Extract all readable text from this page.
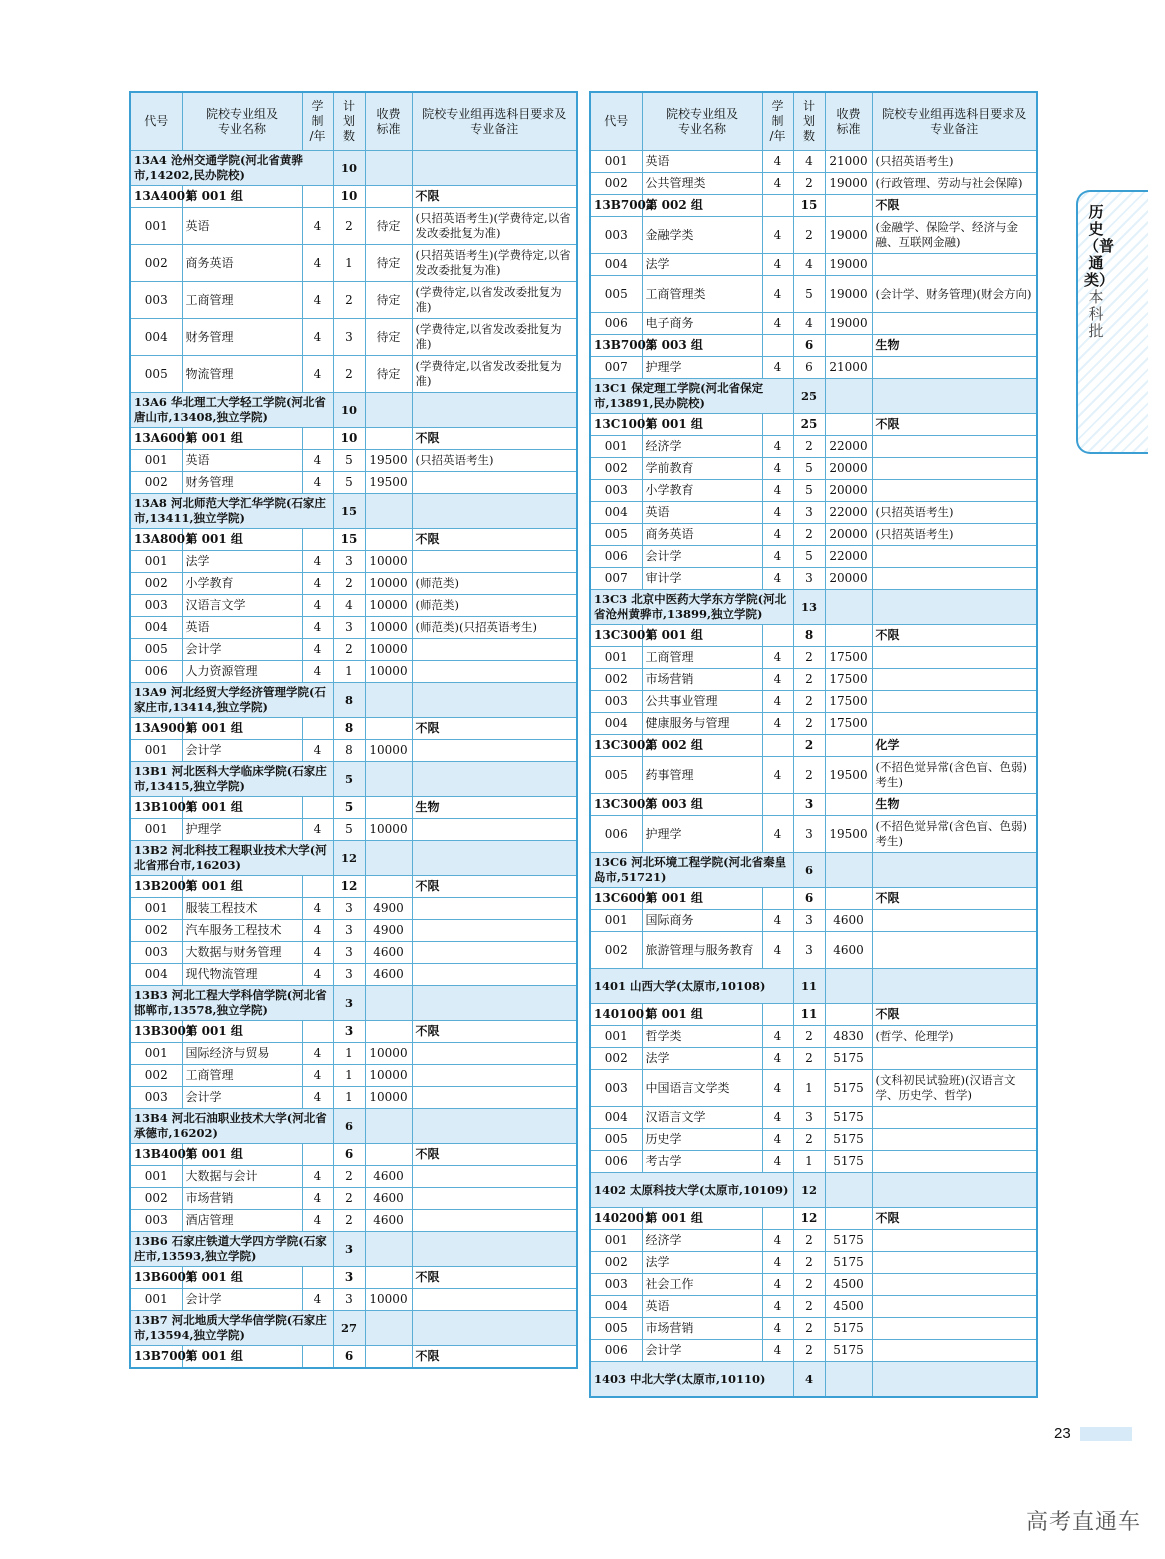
代号	院校专业组及
专业名称	学
制
/年	计
划
数	收费
标准	院校专业组再选科目要求及
专业备注
13A4 沧州交通学院(河北省黄骅市,14202,民办院校)			10		
13A4001	第 001 组		10		不限
001	英语	4	2	待定	(只招英语考生)(学费待定,以省发改委批复为准)
002	商务英语	4	1	待定	(只招英语考生)(学费待定,以省发改委批复为准)
003	工商管理	4	2	待定	(学费待定,以省发改委批复为准)
004	财务管理	4	3	待定	(学费待定,以省发改委批复为准)
005	物流管理	4	2	待定	(学费待定,以省发改委批复为准)
13A6 华北理工大学轻工学院(河北省唐山市,13408,独立学院)			10		
13A6001	第 001 组		10		不限
001	英语	4	5	19500	(只招英语考生)
002	财务管理	4	5	19500	
13A8 河北师范大学汇华学院(石家庄市,13411,独立学院)			15		
13A8001	第 001 组		15		不限
001	法学	4	3	10000	
002	小学教育	4	2	10000	(师范类)
003	汉语言文学	4	4	10000	(师范类)
004	英语	4	3	10000	(师范类)(只招英语考生)
005	会计学	4	2	10000	
006	人力资源管理	4	1	10000	
13A9 河北经贸大学经济管理学院(石家庄市,13414,独立学院)			8		
13A9001	第 001 组		8		不限
001	会计学	4	8	10000	
13B1 河北医科大学临床学院(石家庄市,13415,独立学院)			5		
13B1001	第 001 组		5		生物
001	护理学	4	5	10000	
13B2 河北科技工程职业技术大学(河北省邢台市,16203)			12		
13B2001	第 001 组		12		不限
001	服装工程技术	4	3	4900	
002	汽车服务工程技术	4	3	4900	
003	大数据与财务管理	4	3	4600	
004	现代物流管理	4	3	4600	
13B3 河北工程大学科信学院(河北省邯郸市,13578,独立学院)			3		
13B3001	第 001 组		3		不限
001	国际经济与贸易	4	1	10000	
002	工商管理	4	1	10000	
003	会计学	4	1	10000	
13B4 河北石油职业技术大学(河北省承德市,16202)			6		
13B4001	第 001 组		6		不限
001	大数据与会计	4	2	4600	
002	市场营销	4	2	4600	
003	酒店管理	4	2	4600	
13B6 石家庄铁道大学四方学院(石家庄市,13593,独立学院)			3		
13B6001	第 001 组		3		不限
001	会计学	4	3	10000	
13B7 河北地质大学华信学院(石家庄市,13594,独立学院)			27		
13B7001	第 001 组		6		不限
代号	院校专业组及
专业名称	学
制
/年	计
划
数	收费
标准	院校专业组再选科目要求及
专业备注
001	英语	4	4	21000	(只招英语考生)
002	公共管理类	4	2	19000	(行政管理、劳动与社会保障)
13B7002	第 002 组		15		不限
003	金融学类	4	2	19000	(金融学、保险学、经济与金融、互联网金融)
004	法学	4	4	19000	
005	工商管理类	4	5	19000	(会计学、财务管理)(财会方向)
006	电子商务	4	4	19000	
13B7003	第 003 组		6		生物
007	护理学	4	6	21000	
13C1 保定理工学院(河北省保定市,13891,民办院校)			25		
13C1001	第 001 组		25		不限
001	经济学	4	2	22000	
002	学前教育	4	5	20000	
003	小学教育	4	5	20000	
004	英语	4	3	22000	(只招英语考生)
005	商务英语	4	2	20000	(只招英语考生)
006	会计学	4	5	22000	
007	审计学	4	3	20000	
13C3 北京中医药大学东方学院(河北省沧州黄骅市,13899,独立学院)			13		
13C3001	第 001 组		8		不限
001	工商管理	4	2	17500	
002	市场营销	4	2	17500	
003	公共事业管理	4	2	17500	
004	健康服务与管理	4	2	17500	
13C3002	第 002 组		2		化学
005	药事管理	4	2	19500	(不招色觉异常(含色盲、色弱)考生)
13C3003	第 003 组		3		生物
006	护理学	4	3	19500	(不招色觉异常(含色盲、色弱)考生)
13C6 河北环境工程学院(河北省秦皇岛市,51721)			6		
13C6001	第 001 组		6		不限
001	国际商务	4	3	4600	
002	旅游管理与服务教育	4	3	4600	
1401 山西大学(太原市,10108)			11		
1401001	第 001 组		11		不限
001	哲学类	4	2	4830	(哲学、伦理学)
002	法学	4	2	5175	
003	中国语言文学类	4	1	5175	(文科初民试验班)(汉语言文学、历史学、哲学)
004	汉语言文学	4	3	5175	
005	历史学	4	2	5175	
006	考古学	4	1	5175	
1402 太原科技大学(太原市,10109)			12		
1402001	第 001 组		12		不限
001	经济学	4	2	5175	
002	法学	4	2	5175	
003	社会工作	4	2	4500	
004	英语	4	2	4500	
005	市场营销	4	2	5175	
006	会计学	4	2	5175	
1403 中北大学(太原市,10110)			4		
历史（普通类）
本科批
23
高考直通车
